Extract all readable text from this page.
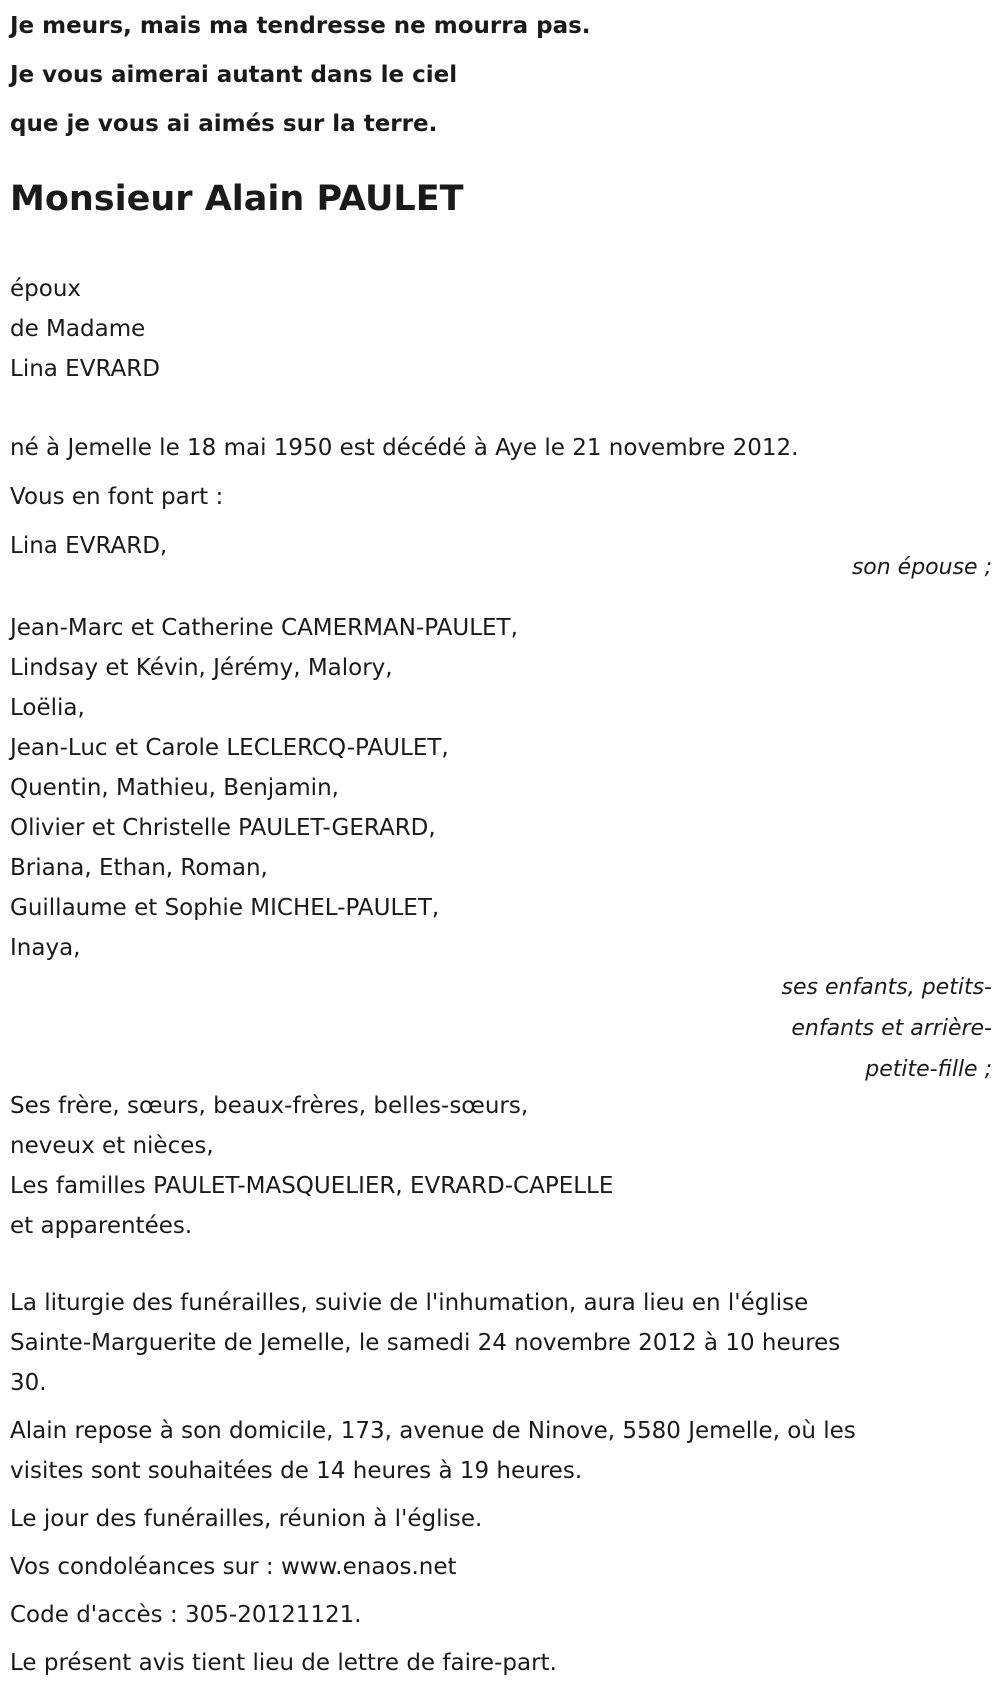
Je meurs, mais ma tendresse ne mourra pas.
Je vous aimerai autant dans le ciel
que je vous ai aimés sur la terre.
Monsieur Alain PAULET
époux
de Madame
Lina EVRARD
né à Jemelle le 18 mai 1950 est décédé à Aye le 21 novembre 2012.
Vous en font part :
Lina EVRARD,
son épouse ;
Jean-Marc et Catherine CAMERMAN-PAULET,
Lindsay et Kévin, Jérémy, Malory,
Loëlia,
Jean-Luc et Carole LECLERCQ-PAULET,
Quentin, Mathieu, Benjamin,
Olivier et Christelle PAULET-GERARD,
Briana, Ethan, Roman,
Guillaume et Sophie MICHEL-PAULET,
Inaya,
ses enfants, petits-
enfants et arrière-
petite-fille ;
Ses frère, sœurs, beaux-frères, belles-sœurs,
neveux et nièces,
Les familles PAULET-MASQUELIER, EVRARD-CAPELLE
et apparentées.
La liturgie des funérailles, suivie de l'inhumation, aura lieu en l'église
Sainte-Marguerite de Jemelle, le samedi 24 novembre 2012 à 10 heures
30.
Alain repose à son domicile, 173, avenue de Ninove, 5580 Jemelle, où les
visites sont souhaitées de 14 heures à 19 heures.
Le jour des funérailles, réunion à l'église.
Vos condoléances sur : www.enaos.net
Code d'accès : 305-20121121.
Le présent avis tient lieu de lettre de faire-part.
